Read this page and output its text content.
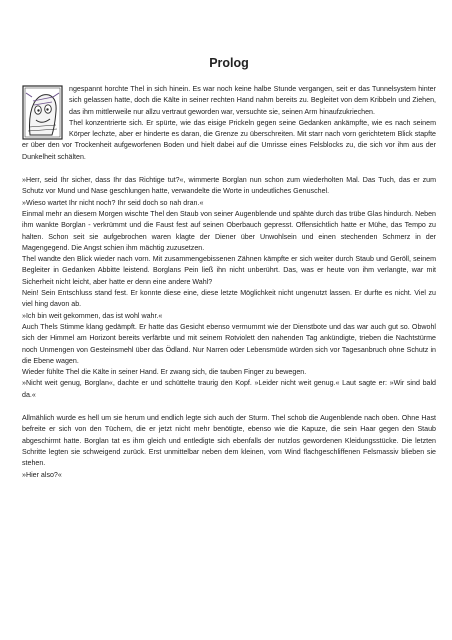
Prolog

ngespannt horchte Thel in sich hinein. Es war noch keine halbe Stunde vergangen, seit er das Tunnelsystem hinter sich gelassen hatte, doch die Kälte in seiner rechten Hand nahm bereits zu. Begleitet von dem Kribbeln und Ziehen, das ihm mittlerweile nur allzu vertraut geworden war, versuchte sie, seinen Arm hinaufzukriechen.

Thel konzentrierte sich. Er spürte, wie das eisige Prickeln gegen seine Gedanken ankämpfte, wie es nach seinem Körper lechzte, aber er hinderte es daran, die Grenze zu überschreiten. Mit starr nach vorn gerichtetem Blick stapfte er über den vor Trockenheit aufgeworfenen Boden und hielt dabei auf die Umrisse eines Felsblocks zu, die sich vor ihm aus der Dunkelheit schälten.

»Herr, seid Ihr sicher, dass Ihr das Richtige tut?«, wimmerte Borglan nun schon zum wiederholten Mal. Das Tuch, das er zum Schutz vor Mund und Nase geschlungen hatte, verwandelte die Worte in undeutliches Genuschel.

»Wieso wartet Ihr nicht noch? Ihr seid doch so nah dran.«

Einmal mehr an diesem Morgen wischte Thel den Staub von seiner Augenblende und spähte durch das trübe Glas hindurch. Neben ihm wankte Borglan - verkrümmt und die Faust fest auf seinen Oberbauch gepresst. Offensichtlich hatte er Mühe, das Tempo zu halten. Schon seit sie aufgebrochen waren klagte der Diener über Unwohlsein und einen stechenden Schmerz in der Magengegend. Die Angst schien ihm mächtig zuzusetzen.

Thel wandte den Blick wieder nach vorn. Mit zusammengebissenen Zähnen kämpfte er sich weiter durch Staub und Geröll, seinem Begleiter in Gedanken Abbitte leistend. Borglans Pein ließ ihn nicht unberührt. Das, was er heute von ihm verlangte, war mit Sicherheit nicht leicht, aber hatte er denn eine andere Wahl?

Nein! Sein Entschluss stand fest. Er konnte diese eine, diese letzte Möglichkeit nicht ungenutzt lassen. Er durfte es nicht. Viel zu viel hing davon ab.

»Ich bin weit gekommen, das ist wohl wahr.«

Auch Thels Stimme klang gedämpft. Er hatte das Gesicht ebenso vermummt wie der Dienstbote und das war auch gut so. Obwohl sich der Himmel am Horizont bereits verfärbte und mit seinem Rotviolett den nahenden Tag ankündigte, trieben die Nachtstürme noch Unmengen von Gesteinsmehl über das Ödland. Nur Narren oder Lebensmüde würden sich vor Tagesanbruch ohne Schutz in die Ebene wagen.

Wieder fühlte Thel die Kälte in seiner Hand. Er zwang sich, die tauben Finger zu bewegen.

»Nicht weit genug, Borglan«, dachte er und schüttelte traurig den Kopf. »Leider nicht weit genug.« Laut sagte er: »Wir sind bald da.«

Allmählich wurde es hell um sie herum und endlich legte sich auch der Sturm. Thel schob die Augenblende nach oben. Ohne Hast befreite er sich von den Tüchern, die er jetzt nicht mehr benötigte, ebenso wie die Kapuze, die sein Haar gegen den Staub abgeschirmt hatte. Borglan tat es ihm gleich und entledigte sich ebenfalls der nutzlos gewordenen Kleidungsstücke. Die letzten Schritte legten sie schweigend zurück. Erst unmittelbar neben dem kleinen, vom Wind flachgeschliffenen Felsmassiv blieben sie stehen.

»Hier also?«
